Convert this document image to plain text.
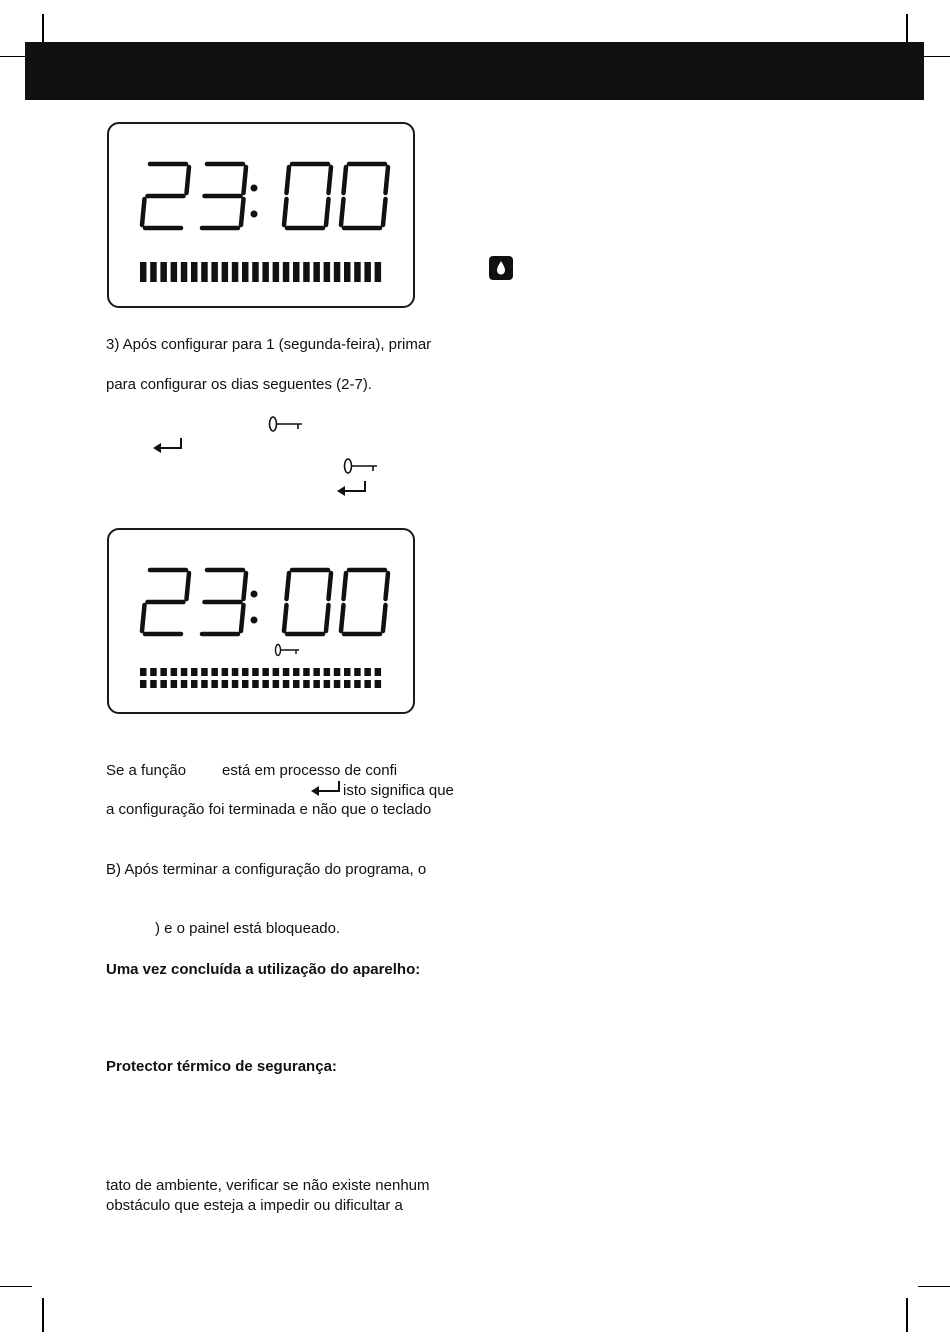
3) Após configurar para 1 (segunda-feira), primar
para configurar os dias seguentes (2-7).
Se a função está em processo de confi
isto significa que
a configuração foi terminada e não que o teclado
B) Após terminar a configuração do programa, o
) e o painel está bloqueado.
Uma vez concluída a utilização do aparelho:
Protector térmico de segurança:
tato de ambiente, verificar se não existe nenhum
obstáculo que esteja a impedir ou dificultar a
